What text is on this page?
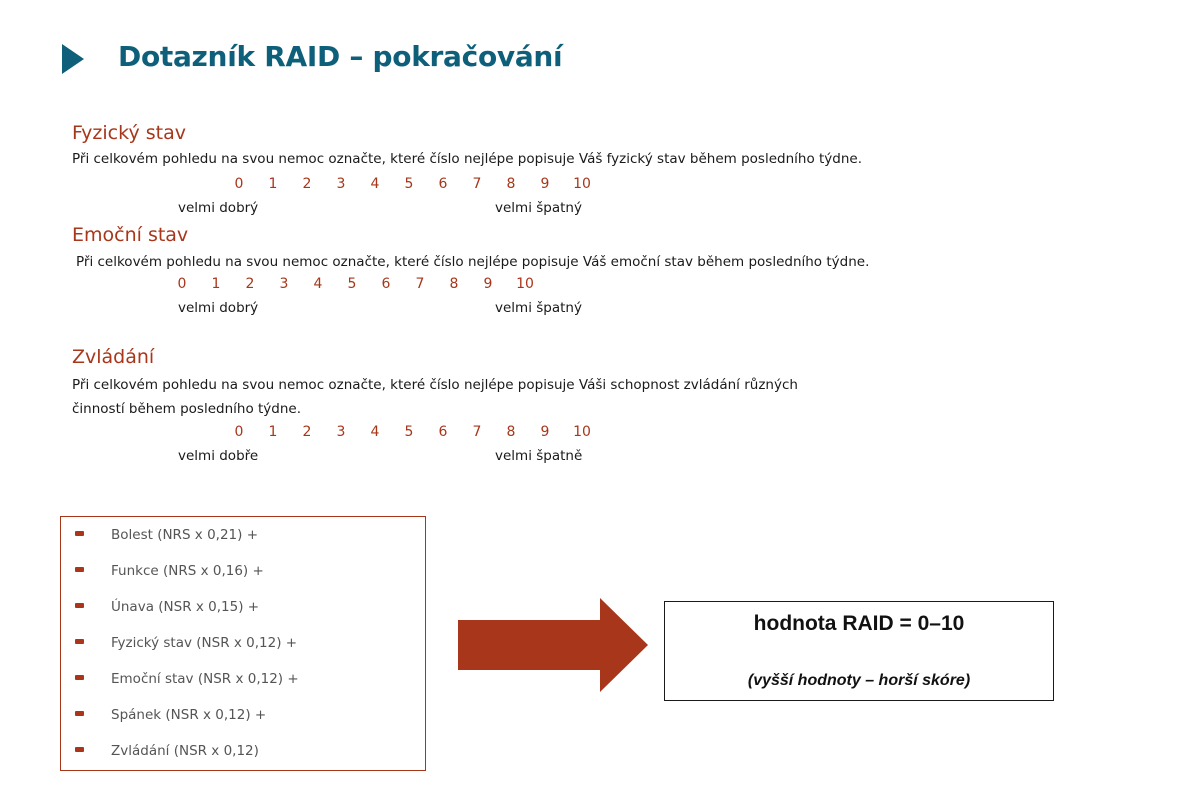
Dotazník RAID – pokračování
Fyzický stav
Při celkovém pohledu na svou nemoc označte, které číslo nejlépe popisuje Váš fyzický stav během posledního týdne.
0 1 2 3 4 5 6 7 8 9 10
velmi dobrý	velmi špatný
Emoční stav
Při celkovém pohledu na svou nemoc označte, které číslo nejlépe popisuje Váš emoční stav během posledního týdne.
0 1 2 3 4 5 6 7 8 9 10
velmi dobrý	velmi špatný
Zvládání
Při celkovém pohledu na svou nemoc označte, které číslo nejlépe popisuje Váši schopnost zvládání různých
činností během posledního týdne.
0 1 2 3 4 5 6 7 8 9 10
velmi dobře	velmi špatně
Bolest (NRS x 0,21) +
Funkce (NRS x 0,16) +
Únava (NSR x 0,15) +
Fyzický stav (NSR x 0,12) +
Emoční stav (NSR x 0,12) +
Spánek (NSR x 0,12) +
Zvládání (NSR x 0,12)
hodnota RAID = 0–10
(vyšší hodnoty – horší skóre)
